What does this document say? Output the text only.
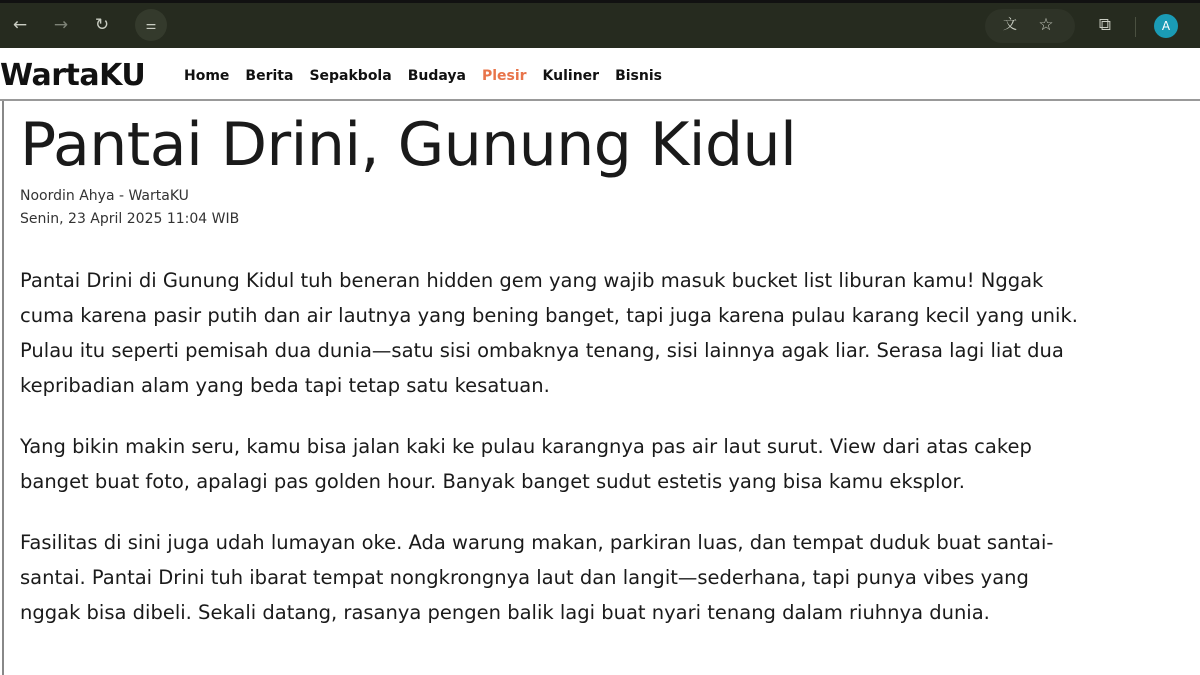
← → ↻	⚌	文 ☆	⧉	A
WartaKU	Home Berita Sepakbola Budaya Plesir Kuliner Bisnis
Pantai Drini, Gunung Kidul
Noordin Ahya - WartaKU
Senin, 23 April 2025 11:04 WIB

Pantai Drini di Gunung Kidul tuh beneran hidden gem yang wajib masuk bucket list liburan kamu! Nggak
cuma karena pasir putih dan air lautnya yang bening banget, tapi juga karena pulau karang kecil yang unik.
Pulau itu seperti pemisah dua dunia—satu sisi ombaknya tenang, sisi lainnya agak liar. Serasa lagi liat dua
kepribadian alam yang beda tapi tetap satu kesatuan.

Yang bikin makin seru, kamu bisa jalan kaki ke pulau karangnya pas air laut surut. View dari atas cakep
banget buat foto, apalagi pas golden hour. Banyak banget sudut estetis yang bisa kamu eksplor.

Fasilitas di sini juga udah lumayan oke. Ada warung makan, parkiran luas, dan tempat duduk buat santai-
santai. Pantai Drini tuh ibarat tempat nongkrongnya laut dan langit—sederhana, tapi punya vibes yang
nggak bisa dibeli. Sekali datang, rasanya pengen balik lagi buat nyari tenang dalam riuhnya dunia.
